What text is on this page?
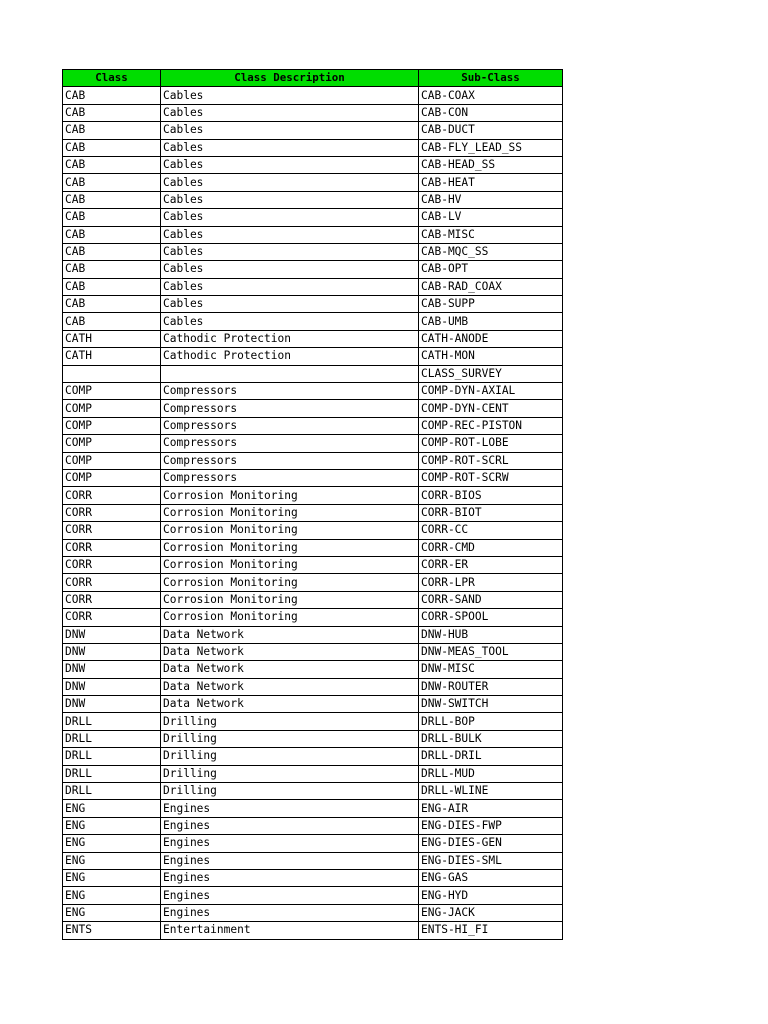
Class	Class Description	Sub-Class
CAB	Cables	CAB-COAX
CAB	Cables	CAB-CON
CAB	Cables	CAB-DUCT
CAB	Cables	CAB-FLY_LEAD_SS
CAB	Cables	CAB-HEAD_SS
CAB	Cables	CAB-HEAT
CAB	Cables	CAB-HV
CAB	Cables	CAB-LV
CAB	Cables	CAB-MISC
CAB	Cables	CAB-MQC_SS
CAB	Cables	CAB-OPT
CAB	Cables	CAB-RAD_COAX
CAB	Cables	CAB-SUPP
CAB	Cables	CAB-UMB
CATH	Cathodic Protection	CATH-ANODE
CATH	Cathodic Protection	CATH-MON
		CLASS_SURVEY
COMP	Compressors	COMP-DYN-AXIAL
COMP	Compressors	COMP-DYN-CENT
COMP	Compressors	COMP-REC-PISTON
COMP	Compressors	COMP-ROT-LOBE
COMP	Compressors	COMP-ROT-SCRL
COMP	Compressors	COMP-ROT-SCRW
CORR	Corrosion Monitoring	CORR-BIOS
CORR	Corrosion Monitoring	CORR-BIOT
CORR	Corrosion Monitoring	CORR-CC
CORR	Corrosion Monitoring	CORR-CMD
CORR	Corrosion Monitoring	CORR-ER
CORR	Corrosion Monitoring	CORR-LPR
CORR	Corrosion Monitoring	CORR-SAND
CORR	Corrosion Monitoring	CORR-SPOOL
DNW	Data Network	DNW-HUB
DNW	Data Network	DNW-MEAS_TOOL
DNW	Data Network	DNW-MISC
DNW	Data Network	DNW-ROUTER
DNW	Data Network	DNW-SWITCH
DRLL	Drilling	DRLL-BOP
DRLL	Drilling	DRLL-BULK
DRLL	Drilling	DRLL-DRIL
DRLL	Drilling	DRLL-MUD
DRLL	Drilling	DRLL-WLINE
ENG	Engines	ENG-AIR
ENG	Engines	ENG-DIES-FWP
ENG	Engines	ENG-DIES-GEN
ENG	Engines	ENG-DIES-SML
ENG	Engines	ENG-GAS
ENG	Engines	ENG-HYD
ENG	Engines	ENG-JACK
ENTS	Entertainment	ENTS-HI_FI
